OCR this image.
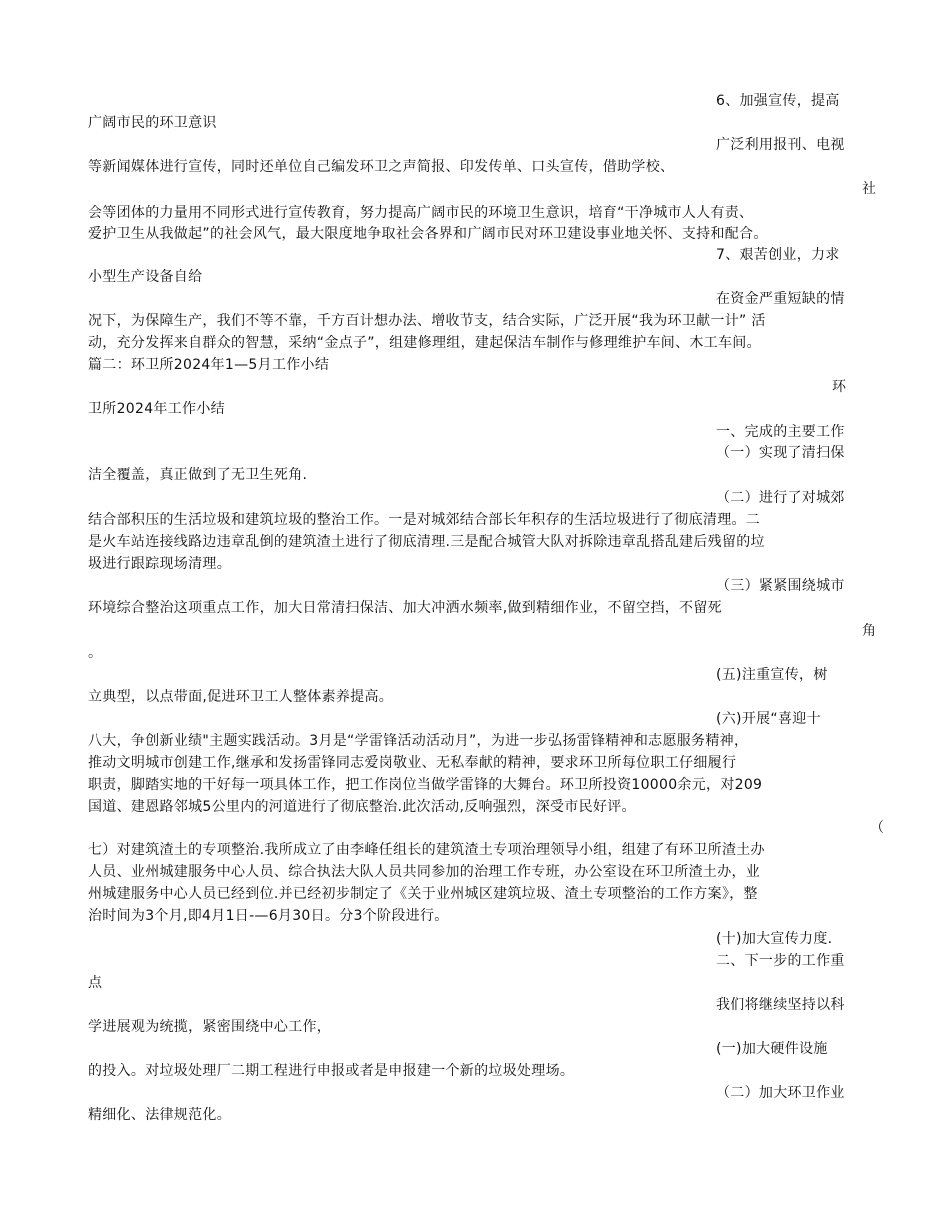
6、加强宣传，提高
广阔市民的环卫意识
广泛利用报刊、电视
等新闻媒体进行宣传，同时还单位自己编发环卫之声简报、印发传单、口头宣传，借助学校、
社
会等团体的力量用不同形式进行宣传教育，努力提高广阔市民的环境卫生意识，培育“干净城市人人有责、
爱护卫生从我做起”的社会风气，最大限度地争取社会各界和广阔市民对环卫建设事业地关怀、支持和配合。
7、艰苦创业，力求
小型生产设备自给
在资金严重短缺的情
况下，为保障生产，我们不等不靠，千方百计想办法、增收节支，结合实际，广泛开展“我为环卫献一计” 活
动，充分发挥来自群众的智慧，采纳“金点子”，组建修理组，建起保洁车制作与修理维护车间、木工车间。
篇二：环卫所2024年1—5月工作小结
环
卫所2024年工作小结
一、完成的主要工作
（一）实现了清扫保
洁全覆盖，真正做到了无卫生死角.
（二）进行了对城郊
结合部积压的生活垃圾和建筑垃圾的整治工作。一是对城郊结合部长年积存的生活垃圾进行了彻底清理。二
是火车站连接线路边违章乱倒的建筑渣土进行了彻底清理.三是配合城管大队对拆除违章乱搭乱建后残留的垃
圾进行跟踪现场清理。
（三）紧紧围绕城市
环境综合整治这项重点工作，加大日常清扫保洁、加大冲洒水频率,做到精细作业，不留空挡，不留死
角
。
(五)注重宣传，树
立典型，以点带面,促进环卫工人整体素养提高。
(六)开展“喜迎十
八大，争创新业绩"主题实践活动。3月是“学雷锋活动活动月”，为进一步弘扬雷锋精神和志愿服务精神，
推动文明城市创建工作,继承和发扬雷锋同志爱岗敬业、无私奉献的精神，要求环卫所每位职工仔细履行
职责，脚踏实地的干好每一项具体工作，把工作岗位当做学雷锋的大舞台。环卫所投资10000余元，对209
国道、建恩路邻城5公里内的河道进行了彻底整治.此次活动,反响强烈，深受市民好评。
（
七）对建筑渣土的专项整治.我所成立了由李峰任组长的建筑渣土专项治理领导小组，组建了有环卫所渣土办
人员、业州城建服务中心人员、综合执法大队人员共同参加的治理工作专班，办公室设在环卫所渣土办，业
州城建服务中心人员已经到位.并已经初步制定了《关于业州城区建筑垃圾、渣土专项整治的工作方案》，整
治时间为3个月,即4月1日-—6月30日。分3个阶段进行。
(十)加大宣传力度.
二、下一步的工作重
点
我们将继续坚持以科
学进展观为统揽，紧密围绕中心工作，
(一)加大硬件设施
的投入。对垃圾处理厂二期工程进行申报或者是申报建一个新的垃圾处理场。
（二）加大环卫作业
精细化、法律规范化。
